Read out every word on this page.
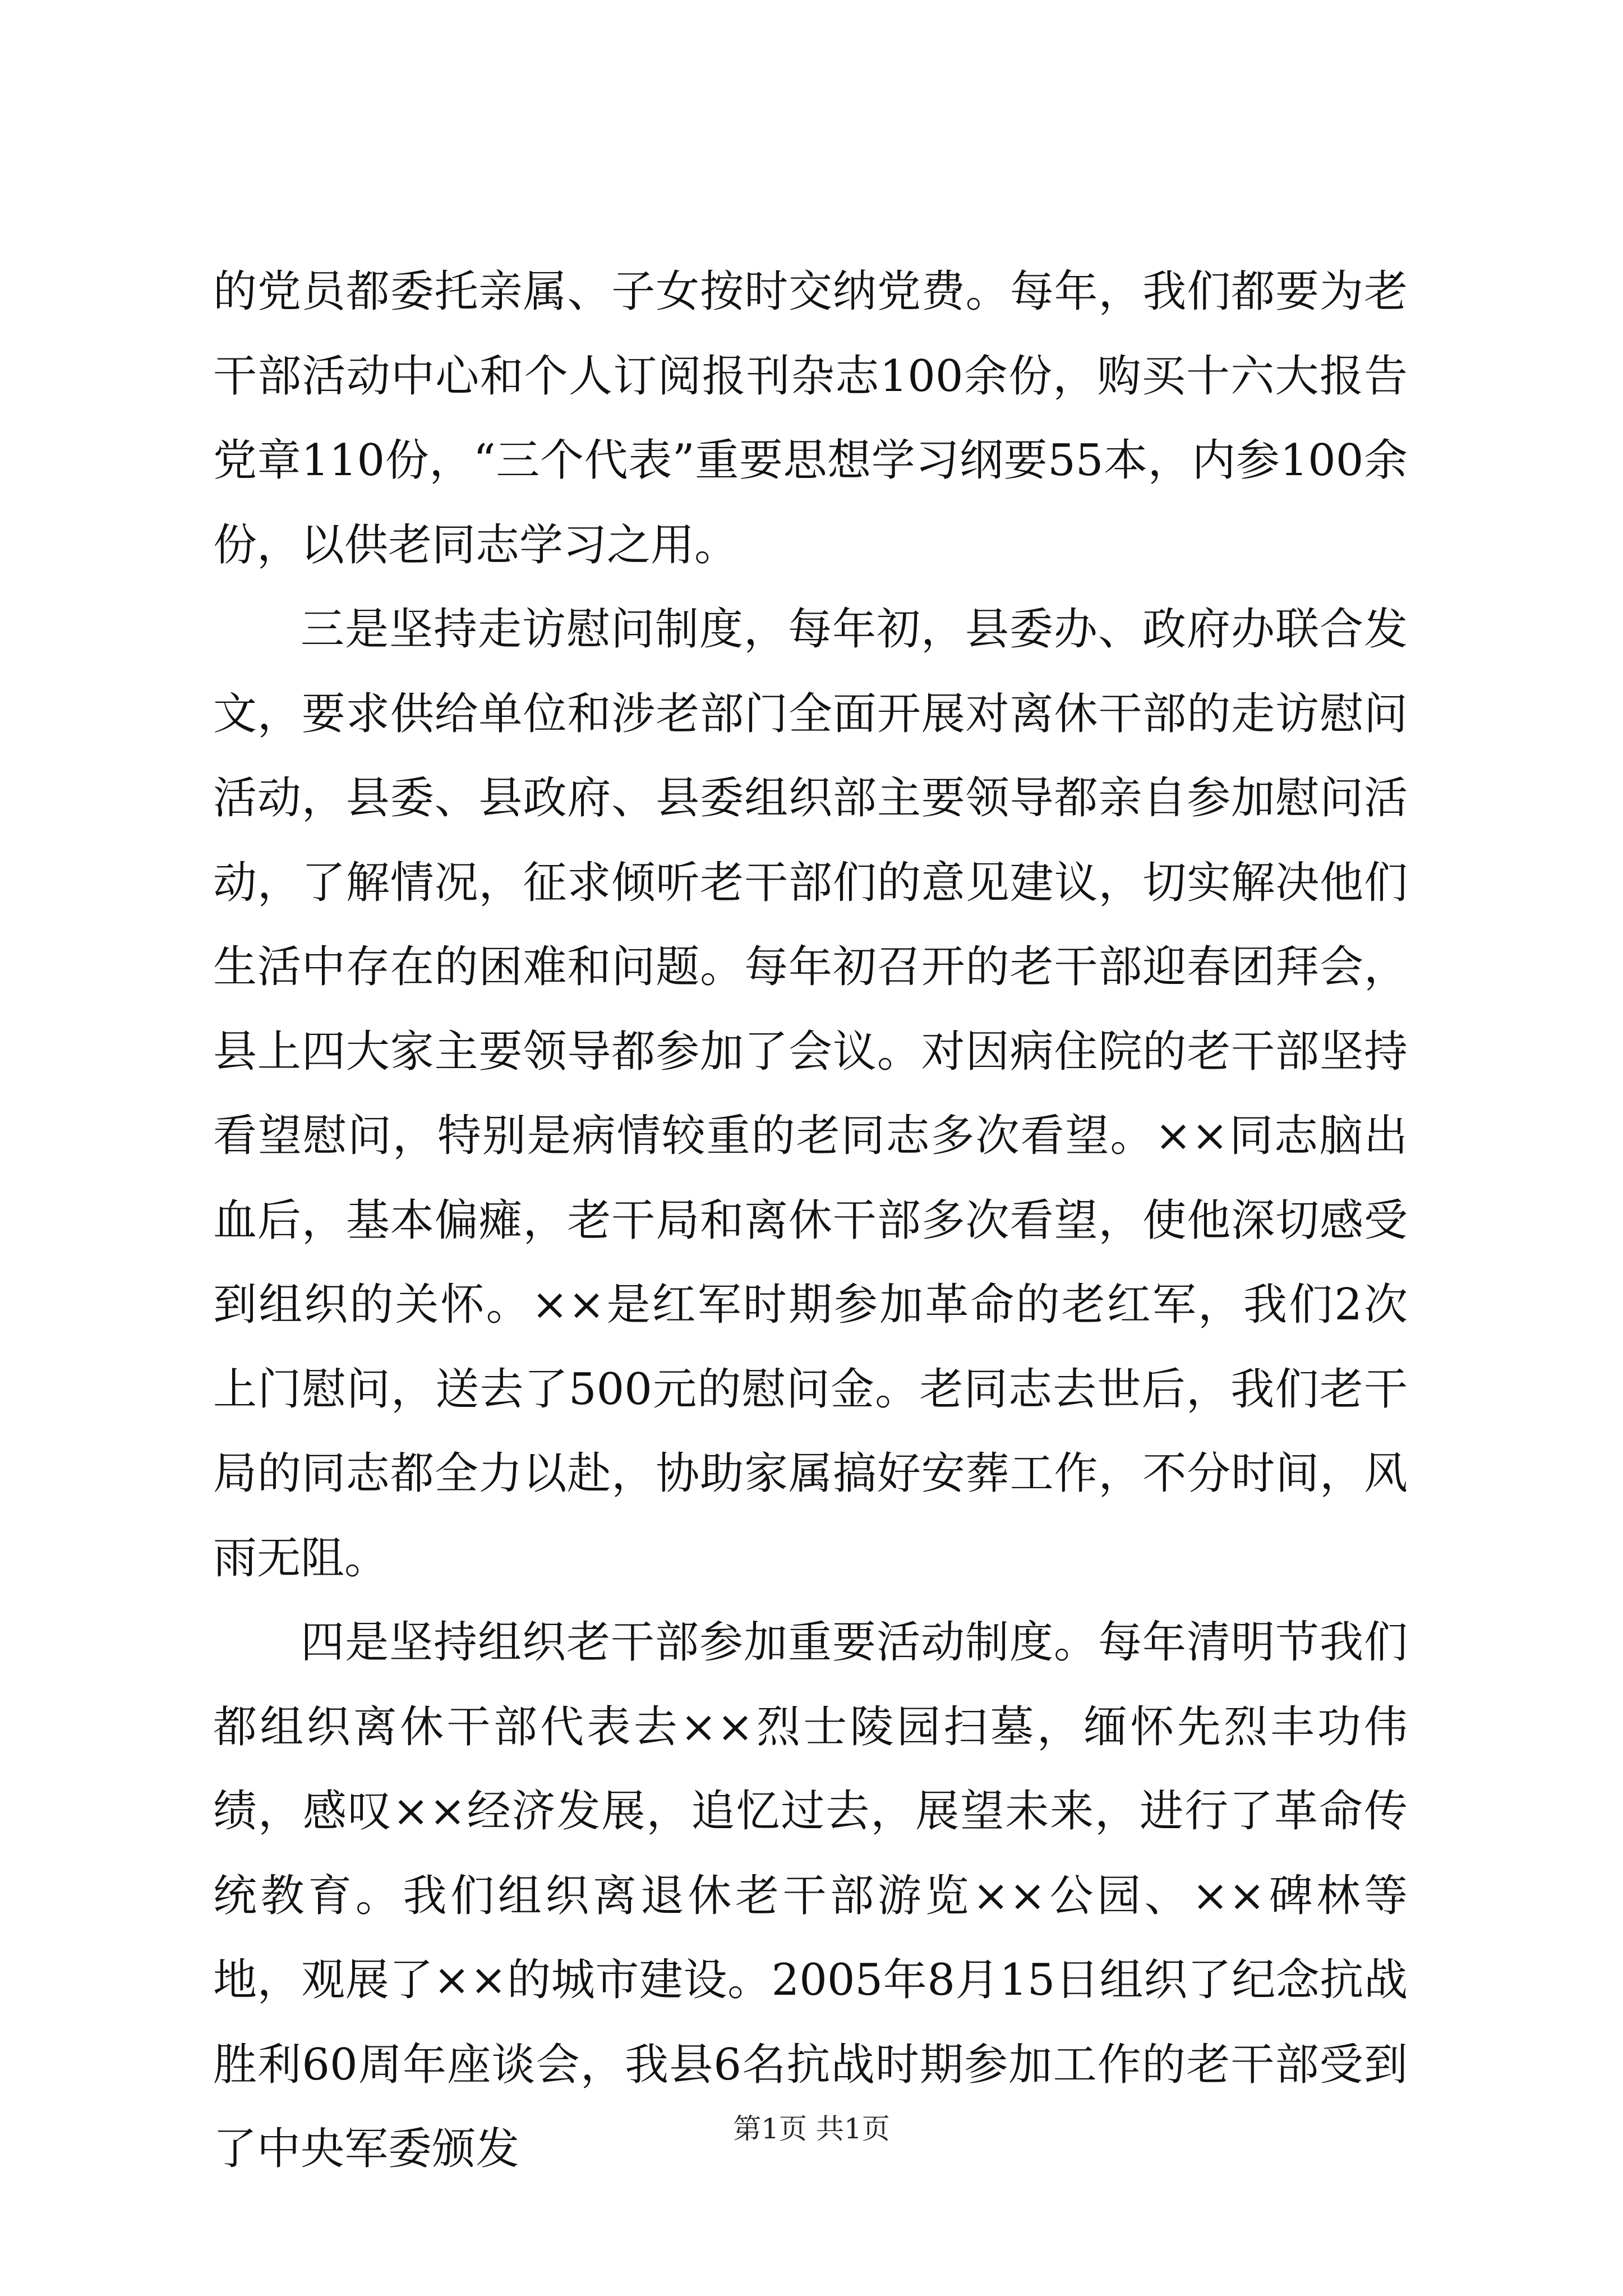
的党员都委托亲属、子女按时交纳党费。每年，我们都要为老干部活动中心和个人订阅报刊杂志100余份，购买十六大报告党章110份，“三个代表”重要思想学习纲要55本，内参100余份，以供老同志学习之用。

三是坚持走访慰问制度，每年初，县委办、政府办联合发文，要求供给单位和涉老部门全面开展对离休干部的走访慰问活动，县委、县政府、县委组织部主要领导都亲自参加慰问活动，了解情况，征求倾听老干部们的意见建议，切实解决他们生活中存在的困难和问题。每年初召开的老干部迎春团拜会，县上四大家主要领导都参加了会议。对因病住院的老干部坚持看望慰问，特别是病情较重的老同志多次看望。××同志脑出血后，基本偏瘫，老干局和离休干部多次看望，使他深切感受到组织的关怀。××是红军时期参加革命的老红军，我们2次上门慰问，送去了500元的慰问金。老同志去世后，我们老干局的同志都全力以赴，协助家属搞好安葬工作，不分时间，风雨无阻。

四是坚持组织老干部参加重要活动制度。每年清明节我们都组织离休干部代表去××烈士陵园扫墓，缅怀先烈丰功伟绩，感叹××经济发展，追忆过去，展望未来，进行了革命传统教育。我们组织离退休老干部游览××公园、××碑林等地，观展了××的城市建设。2005年8月15日组织了纪念抗战胜利60周年座谈会，我县6名抗战时期参加工作的老干部受到了中央军委颁发	第1页 共1页
